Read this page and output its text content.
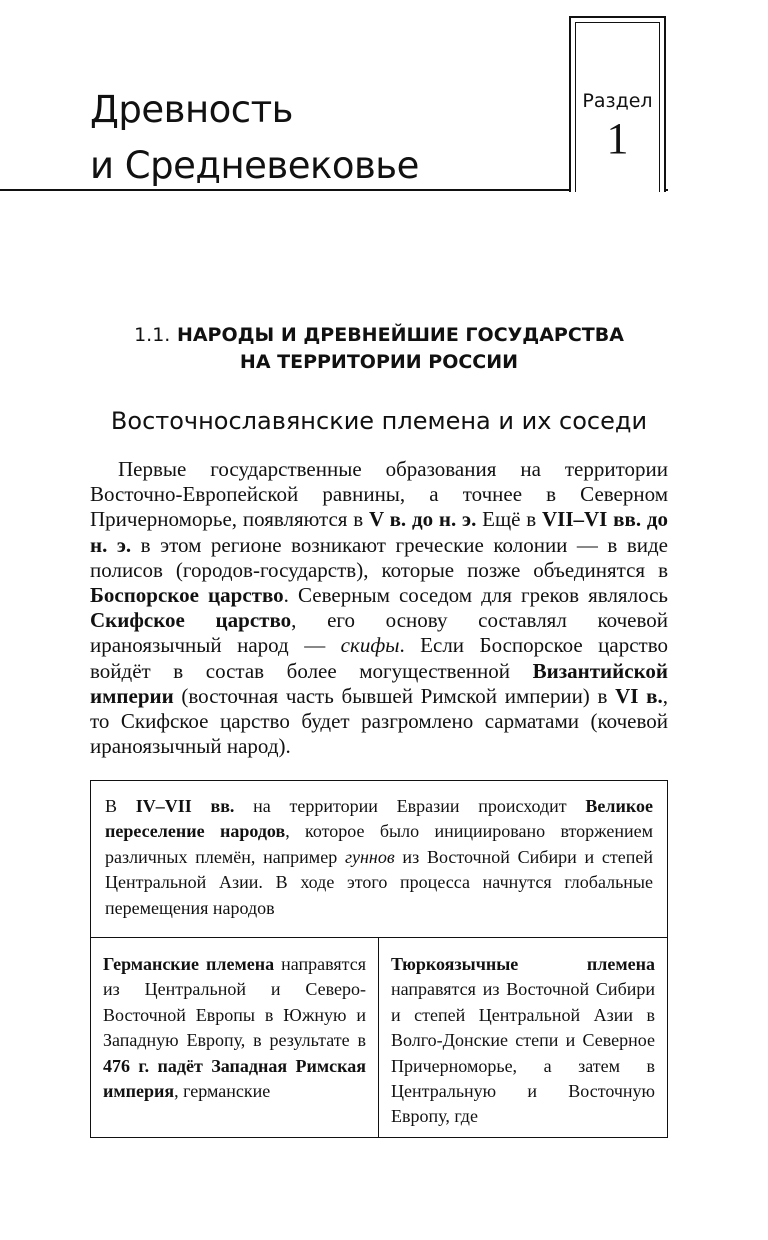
Древность
и Средневековье
Раздел
1
1.1. НАРОДЫ И ДРЕВНЕЙШИЕ ГОСУДАРСТВА
НА ТЕРРИТОРИИ РОССИИ
Восточнославянские племена и их соседи

Первые государственные образования на территории Восточно-Европейской равнины, а точнее в Северном Причерноморье, появляются в V в. до н. э. Ещё в VII–VI вв. до н. э. в этом регионе возникают греческие колонии — в виде полисов (городов-государств), которые позже объединятся в Боспорское царство. Северным соседом для греков являлось Скифское царство, его основу составлял кочевой ираноязычный народ — скифы. Если Боспорское царство войдёт в состав более могущественной Византийской империи (восточная часть бывшей Римской империи) в VI в., то Скифское царство будет разгромлено сарматами (кочевой ираноязычный народ).

В IV–VII вв. на территории Евразии происходит Великое переселение народов, которое было инициировано вторжением различных племён, например гуннов из Восточной Сибири и степей Центральной Азии. В ходе этого процесса начнутся глобальные перемещения народов

Германские племена направятся из Центральной и Северо-Восточной Европы в Южную и Западную Европу, в результате в 476 г. падёт Западная Римская империя, германские

Тюркоязычные племена направятся из Восточной Сибири и степей Центральной Азии в Волго-Донские степи и Северное Причерноморье, а затем в Центральную и Восточную Европу, где
